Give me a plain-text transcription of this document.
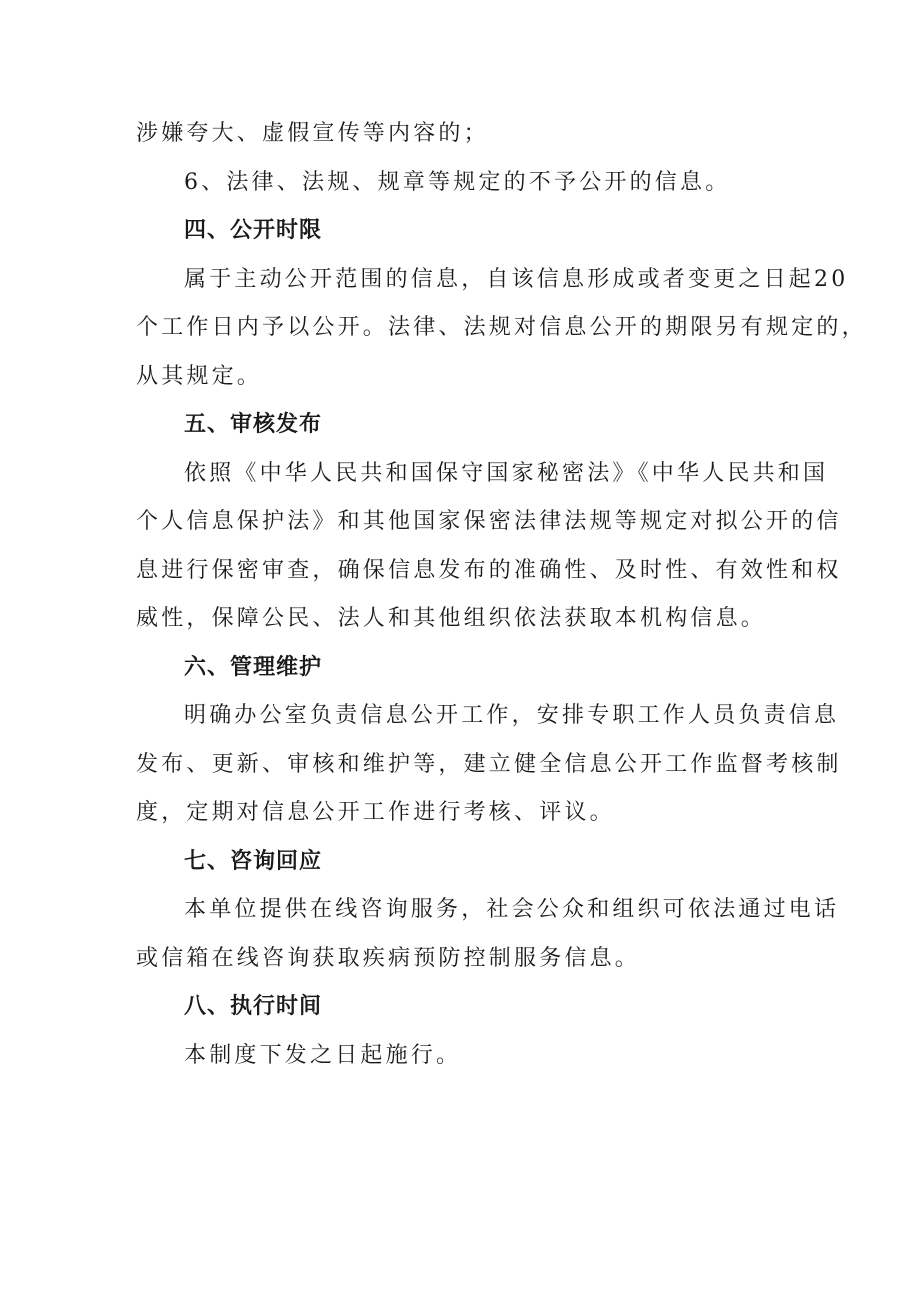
涉嫌夸大、虚假宣传等内容的；
6、法律、法规、规章等规定的不予公开的信息。
四、公开时限
属于主动公开范围的信息，自该信息形成或者变更之日起20
个工作日内予以公开。法律、法规对信息公开的期限另有规定的，
从其规定。
五、审核发布
依照《中华人民共和国保守国家秘密法》《中华人民共和国
个人信息保护法》和其他国家保密法律法规等规定对拟公开的信
息进行保密审查，确保信息发布的准确性、及时性、有效性和权
威性，保障公民、法人和其他组织依法获取本机构信息。
六、管理维护
明确办公室负责信息公开工作，安排专职工作人员负责信息
发布、更新、审核和维护等，建立健全信息公开工作监督考核制
度，定期对信息公开工作进行考核、评议。
七、咨询回应
本单位提供在线咨询服务，社会公众和组织可依法通过电话
或信箱在线咨询获取疾病预防控制服务信息。
八、执行时间
本制度下发之日起施行。
